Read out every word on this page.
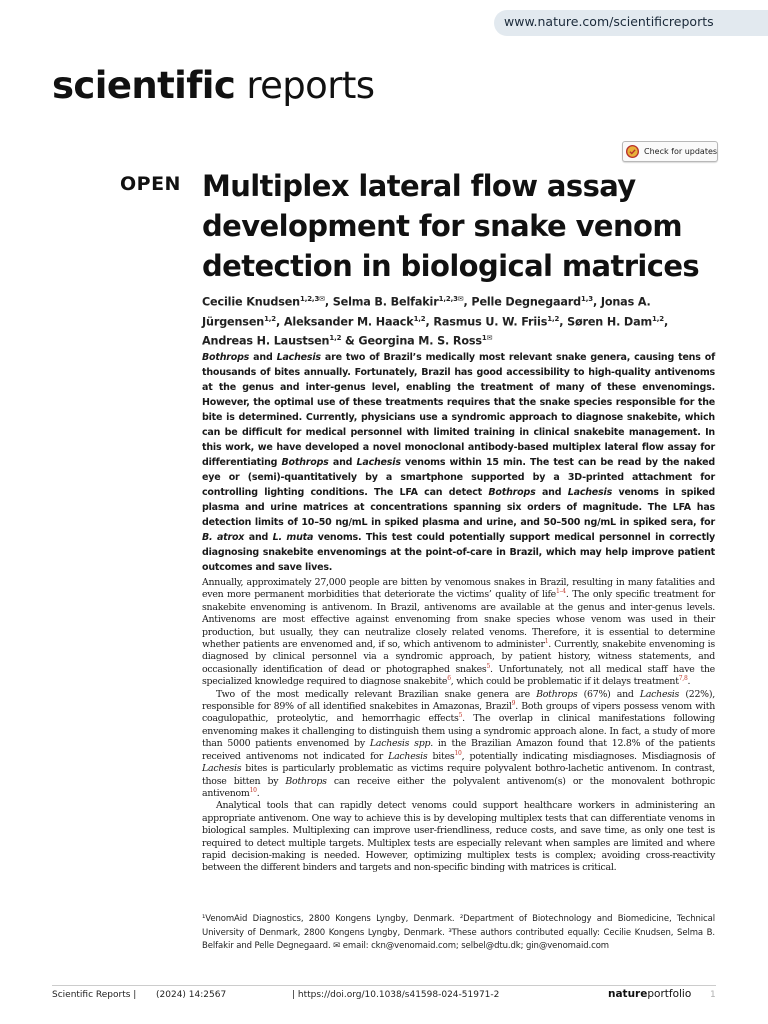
www.nature.com/scientificreports
scientific reports
Check for updates
OPEN Multiplex lateral flow assay development for snake venom detection in biological matrices

Cecilie Knudsen$^{1,2,3✉}$, Selma B. Belfakir$^{1,2,3✉}$, Pelle Degnegaard$^{1,3}$, Jonas A. Jürgensen$^{1,2}$, Aleksander M. Haack$^{1,2}$, Rasmus U. W. Friis$^{1,2}$, Søren H. Dam$^{1,2}$, Andreas H. Laustsen$^{1,2}$ & Georgina M. S. Ross$^{1✉}$

Bothrops and Lachesis are two of Brazil’s medically most relevant snake genera, causing tens of thousands of bites annually. Fortunately, Brazil has good accessibility to high-quality antivenoms at the genus and inter-genus level, enabling the treatment of many of these envenomings. However, the optimal use of these treatments requires that the snake species responsible for the bite is determined. Currently, physicians use a syndromic approach to diagnose snakebite, which can be difficult for medical personnel with limited training in clinical snakebite management. In this work, we have developed a novel monoclonal antibody-based multiplex lateral flow assay for differentiating Bothrops and Lachesis venoms within 15 min. The test can be read by the naked eye or (semi)-quantitatively by a smartphone supported by a 3D-printed attachment for controlling lighting conditions. The LFA can detect Bothrops and Lachesis venoms in spiked plasma and urine matrices at concentrations spanning six orders of magnitude. The LFA has detection limits of 10–50 ng/mL in spiked plasma and urine, and 50–500 ng/mL in spiked sera, for B. atrox and L. muta venoms. This test could potentially support medical personnel in correctly diagnosing snakebite envenomings at the point-of-care in Brazil, which may help improve patient outcomes and save lives.

Annually, approximately 27,000 people are bitten by venomous snakes in Brazil, resulting in many fatalities and even more permanent morbidities that deteriorate the victims’ quality of life$^{1-4}$. The only specific treatment for snakebite envenoming is antivenom. In Brazil, antivenoms are available at the genus and inter-genus levels. Antivenoms are most effective against envenoming from snake species whose venom was used in their production, but usually, they can neutralize closely related venoms. Therefore, it is essential to determine whether patients are envenomed and, if so, which antivenom to administer$^1$. Currently, snakebite envenoming is diagnosed by clinical personnel via a syndromic approach, by patient history, witness statements, and occasionally identification of dead or photographed snakes$^5$. Unfortunately, not all medical staff have the specialized knowledge required to diagnose snakebite$^6$, which could be problematic if it delays treatment$^{7,8}$.

Two of the most medically relevant Brazilian snake genera are Bothrops (67%) and Lachesis (22%), responsible for 89% of all identified snakebites in Amazonas, Brazil$^9$. Both groups of vipers possess venom with coagulopathic, proteolytic, and hemorrhagic effects$^5$. The overlap in clinical manifestations following envenoming makes it challenging to distinguish them using a syndromic approach alone. In fact, a study of more than 5000 patients envenomed by Lachesis spp. in the Brazilian Amazon found that 12.8% of the patients received antivenoms not indicated for Lachesis bites$^{10}$, potentially indicating misdiagnoses. Misdiagnosis of Lachesis bites is particularly problematic as victims require polyvalent bothro-lachetic antivenom. In contrast, those bitten by Bothrops can receive either the polyvalent antivenom(s) or the monovalent bothropic antivenom$^{10}$.

Analytical tools that can rapidly detect venoms could support healthcare workers in administering an appropriate antivenom. One way to achieve this is by developing multiplex tests that can differentiate venoms in biological samples. Multiplexing can improve user-friendliness, reduce costs, and save time, as only one test is required to detect multiple targets. Multiplex tests are especially relevant when samples are limited and where rapid decision-making is needed. However, optimizing multiplex tests is complex; avoiding cross-reactivity between the different binders and targets and non-specific binding with matrices is critical.

¹VenomAid Diagnostics, 2800 Kongens Lyngby, Denmark. ²Department of Biotechnology and Biomedicine, Technical University of Denmark, 2800 Kongens Lyngby, Denmark. ³These authors contributed equally: Cecilie Knudsen, Selma B. Belfakir and Pelle Degnegaard. ✉ email: ckn@venomaid.com; selbel@dtu.dk; gin@venomaid.com

Scientific Reports | (2024) 14:2567	| https://doi.org/10.1038/s41598-024-51971-2	natureportfolio 1
